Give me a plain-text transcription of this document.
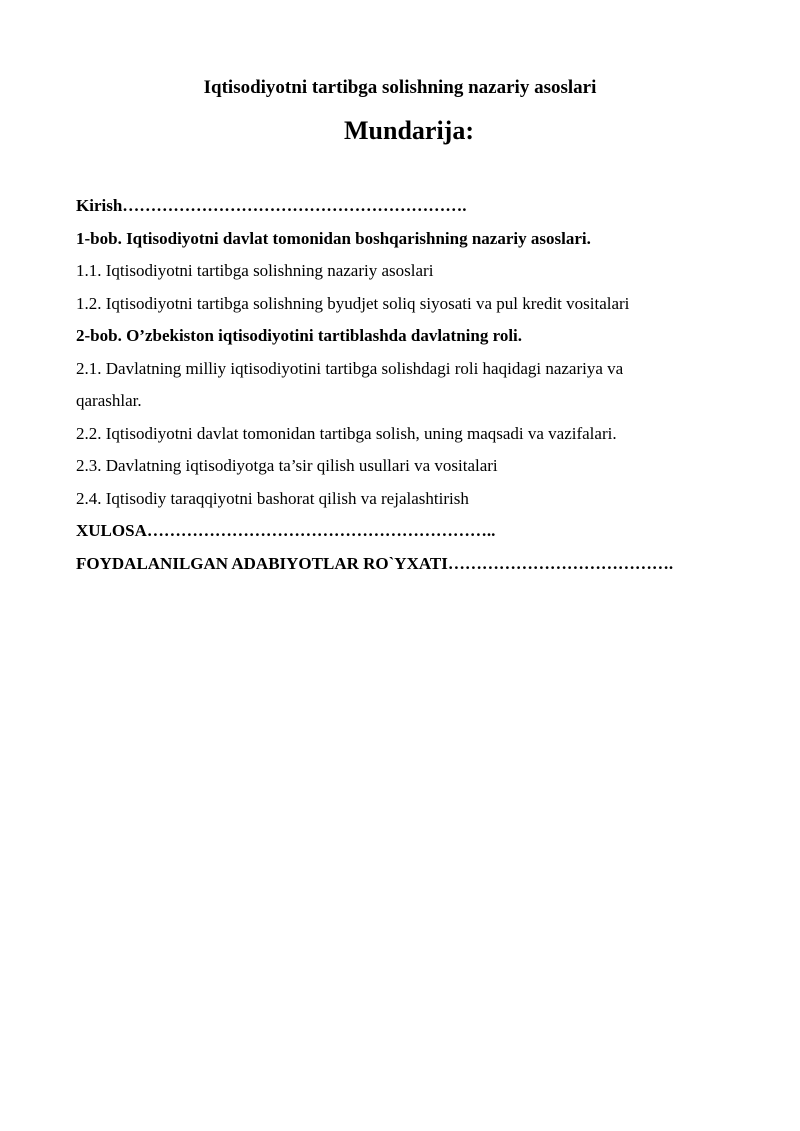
Iqtisodiyotni tartibga solishning nazariy asoslari
Mundarija:
Kirish…………………………………………………….
1-bob. Iqtisodiyotni davlat tomonidan boshqarishning nazariy asoslari.
1.1. Iqtisodiyotni tartibga solishning nazariy asoslari
1.2. Iqtisodiyotni tartibga solishning byudjet soliq siyosati va pul kredit vositalari
2-bob. O’zbekiston iqtisodiyotini tartiblashda davlatning roli.
2.1. Davlatning milliy iqtisodiyotini tartibga solishdagi roli haqidagi nazariya va
qarashlar.
2.2. Iqtisodiyotni davlat tomonidan tartibga solish, uning maqsadi va vazifalari.
2.3. Davlatning iqtisodiyotga ta’sir qilish usullari va vositalari
2.4. Iqtisodiy taraqqiyotni bashorat qilish va rejalashtirish
XULOSA……………………………………………………..
FOYDALANILGAN ADABIYOTLAR RO`YXATI………………………………….
